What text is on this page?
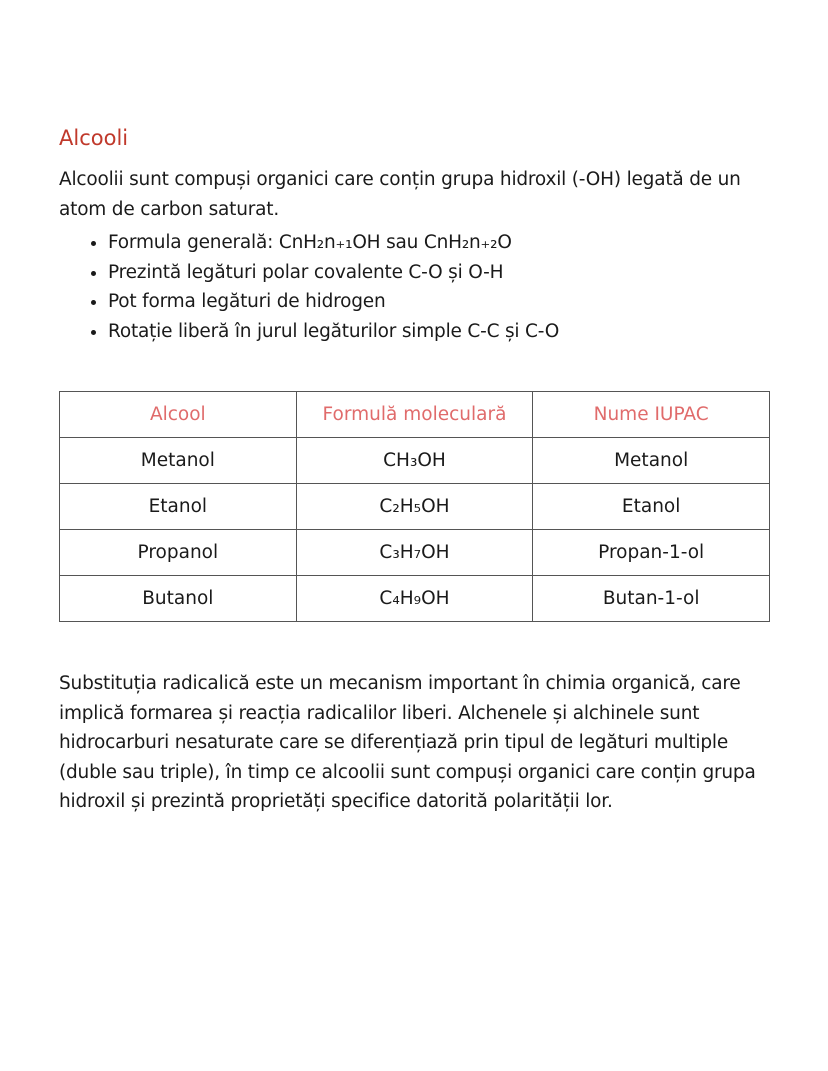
Alcooli

Alcoolii sunt compuși organici care conțin grupa hidroxil (-OH) legată de un atom de carbon saturat.

• Formula generală: CnH₂n₊₁OH sau CnH₂n₊₂O
• Prezintă legături polar covalente C-O și O-H
• Pot forma legături de hidrogen
• Rotație liberă în jurul legăturilor simple C-C și C-O
Alcool	Formulă moleculară	Nume IUPAC
Metanol	CH₃OH	Metanol
Etanol	C₂H₅OH	Etanol
Propanol	C₃H₇OH	Propan-1-ol
Butanol	C₄H₉OH	Butan-1-ol

Substituția radicalică este un mecanism important în chimia organică, care implică formarea și reacția radicalilor liberi. Alchenele și alchinele sunt hidrocarburi nesaturate care se diferențiază prin tipul de legături multiple (duble sau triple), în timp ce alcoolii sunt compuși organici care conțin grupa hidroxil și prezintă proprietăți specifice datorită polarității lor.
